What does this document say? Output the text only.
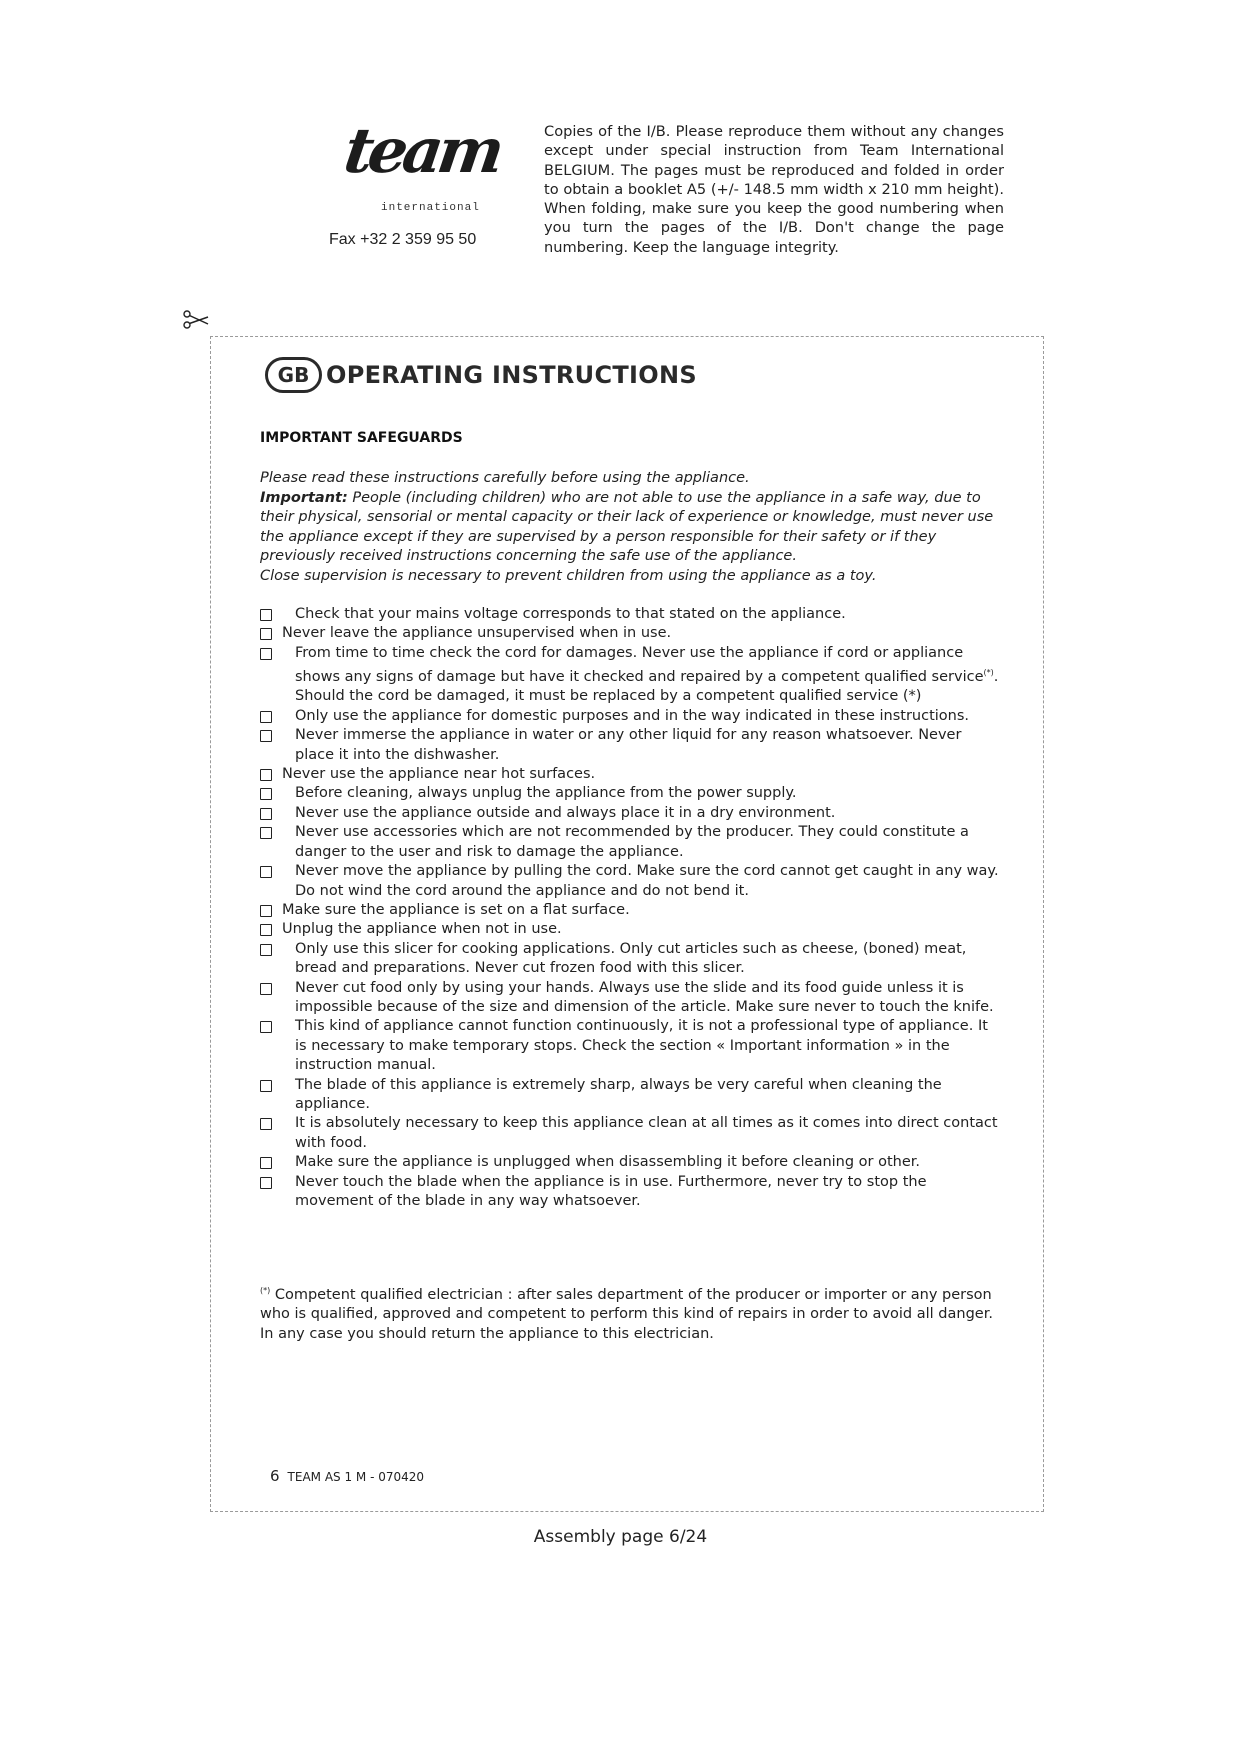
team
international
Fax +32 2 359 95 50
Copies of the I/B. Please reproduce them without any changes except under special instruction from Team International BELGIUM. The pages must be reproduced and folded in order to obtain a booklet A5 (+/- 148.5 mm width x 210 mm height). When folding, make sure you keep the good numbering when you turn the pages of the I/B. Don't change the page numbering. Keep the language integrity.
GB OPERATING INSTRUCTIONS
IMPORTANT SAFEGUARDS
Please read these instructions carefully before using the appliance.
Important: People (including children) who are not able to use the appliance in a safe way, due to their physical, sensorial or mental capacity or their lack of experience or knowledge, must never use the appliance except if they are supervised by a person responsible for their safety or if they previously received instructions concerning the safe use of the appliance.
Close supervision is necessary to prevent children from using the appliance as a toy.
Check that your mains voltage corresponds to that stated on the appliance.
Never leave the appliance unsupervised when in use.
From time to time check the cord for damages. Never use the appliance if cord or appliance shows any signs of damage but have it checked and repaired by a competent qualified service(*). Should the cord be damaged, it must be replaced by a competent qualified service (*)
Only use the appliance for domestic purposes and in the way indicated in these instructions.
Never immerse the appliance in water or any other liquid for any reason whatsoever. Never place it into the dishwasher.
Never use the appliance near hot surfaces.
Before cleaning, always unplug the appliance from the power supply.
Never use the appliance outside and always place it in a dry environment.
Never use accessories which are not recommended by the producer. They could constitute a danger to the user and risk to damage the appliance.
Never move the appliance by pulling the cord. Make sure the cord cannot get caught in any way. Do not wind the cord around the appliance and do not bend it.
Make sure the appliance is set on a flat surface.
Unplug the appliance when not in use.
Only use this slicer for cooking applications. Only cut articles such as cheese, (boned) meat, bread and preparations. Never cut frozen food with this slicer.
Never cut food only by using your hands. Always use the slide and its food guide unless it is impossible because of the size and dimension of the article. Make sure never to touch the knife.
This kind of appliance cannot function continuously, it is not a professional type of appliance. It is necessary to make temporary stops. Check the section « Important information » in the instruction manual.
The blade of this appliance is extremely sharp, always be very careful when cleaning the appliance.
It is absolutely necessary to keep this appliance clean at all times as it comes into direct contact with food.
Make sure the appliance is unplugged when disassembling it before cleaning or other.
Never touch the blade when the appliance is in use. Furthermore, never try to stop the movement of the blade in any way whatsoever.
(*) Competent qualified electrician : after sales department of the producer or importer or any person who is qualified, approved and competent to perform this kind of repairs in order to avoid all danger. In any case you should return the appliance to this electrician.
6 TEAM AS 1 M - 070420
Assembly page 6/24
